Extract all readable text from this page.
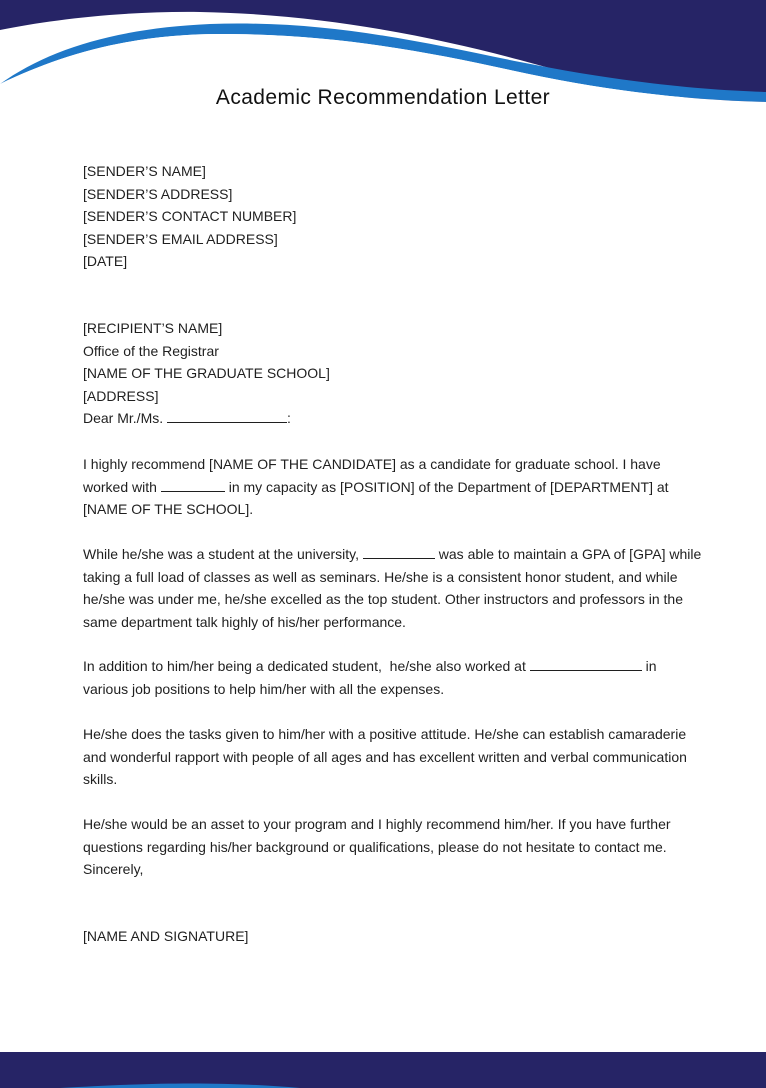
Academic Recommendation Letter
[SENDER’S NAME]
[SENDER’S ADDRESS]
[SENDER’S CONTACT NUMBER]
[SENDER’S EMAIL ADDRESS]
[DATE]
[RECIPIENT’S NAME]
Office of the Registrar
[NAME OF THE GRADUATE SCHOOL]
[ADDRESS]
Dear Mr./Ms.	:
I highly recommend [NAME OF THE CANDIDATE] as a candidate for graduate school. I have worked with	in my capacity as [POSITION] of the Department of [DEPARTMENT] at [NAME OF THE SCHOOL].
While he/she was a student at the university,	was able to maintain a GPA of [GPA] while taking a full load of classes as well as seminars. He/she is a consistent honor student, and while he/she was under me, he/she excelled as the top student. Other instructors and professors in the same department talk highly of his/her performance.
In addition to him/her being a dedicated student,  he/she also worked at	in various job positions to help him/her with all the expenses.
He/she does the tasks given to him/her with a positive attitude. He/she can establish camaraderie and wonderful rapport with people of all ages and has excellent written and verbal communication skills.
He/she would be an asset to your program and I highly recommend him/her. If you have further questions regarding his/her background or qualifications, please do not hesitate to contact me.
Sincerely,
[NAME AND SIGNATURE]
